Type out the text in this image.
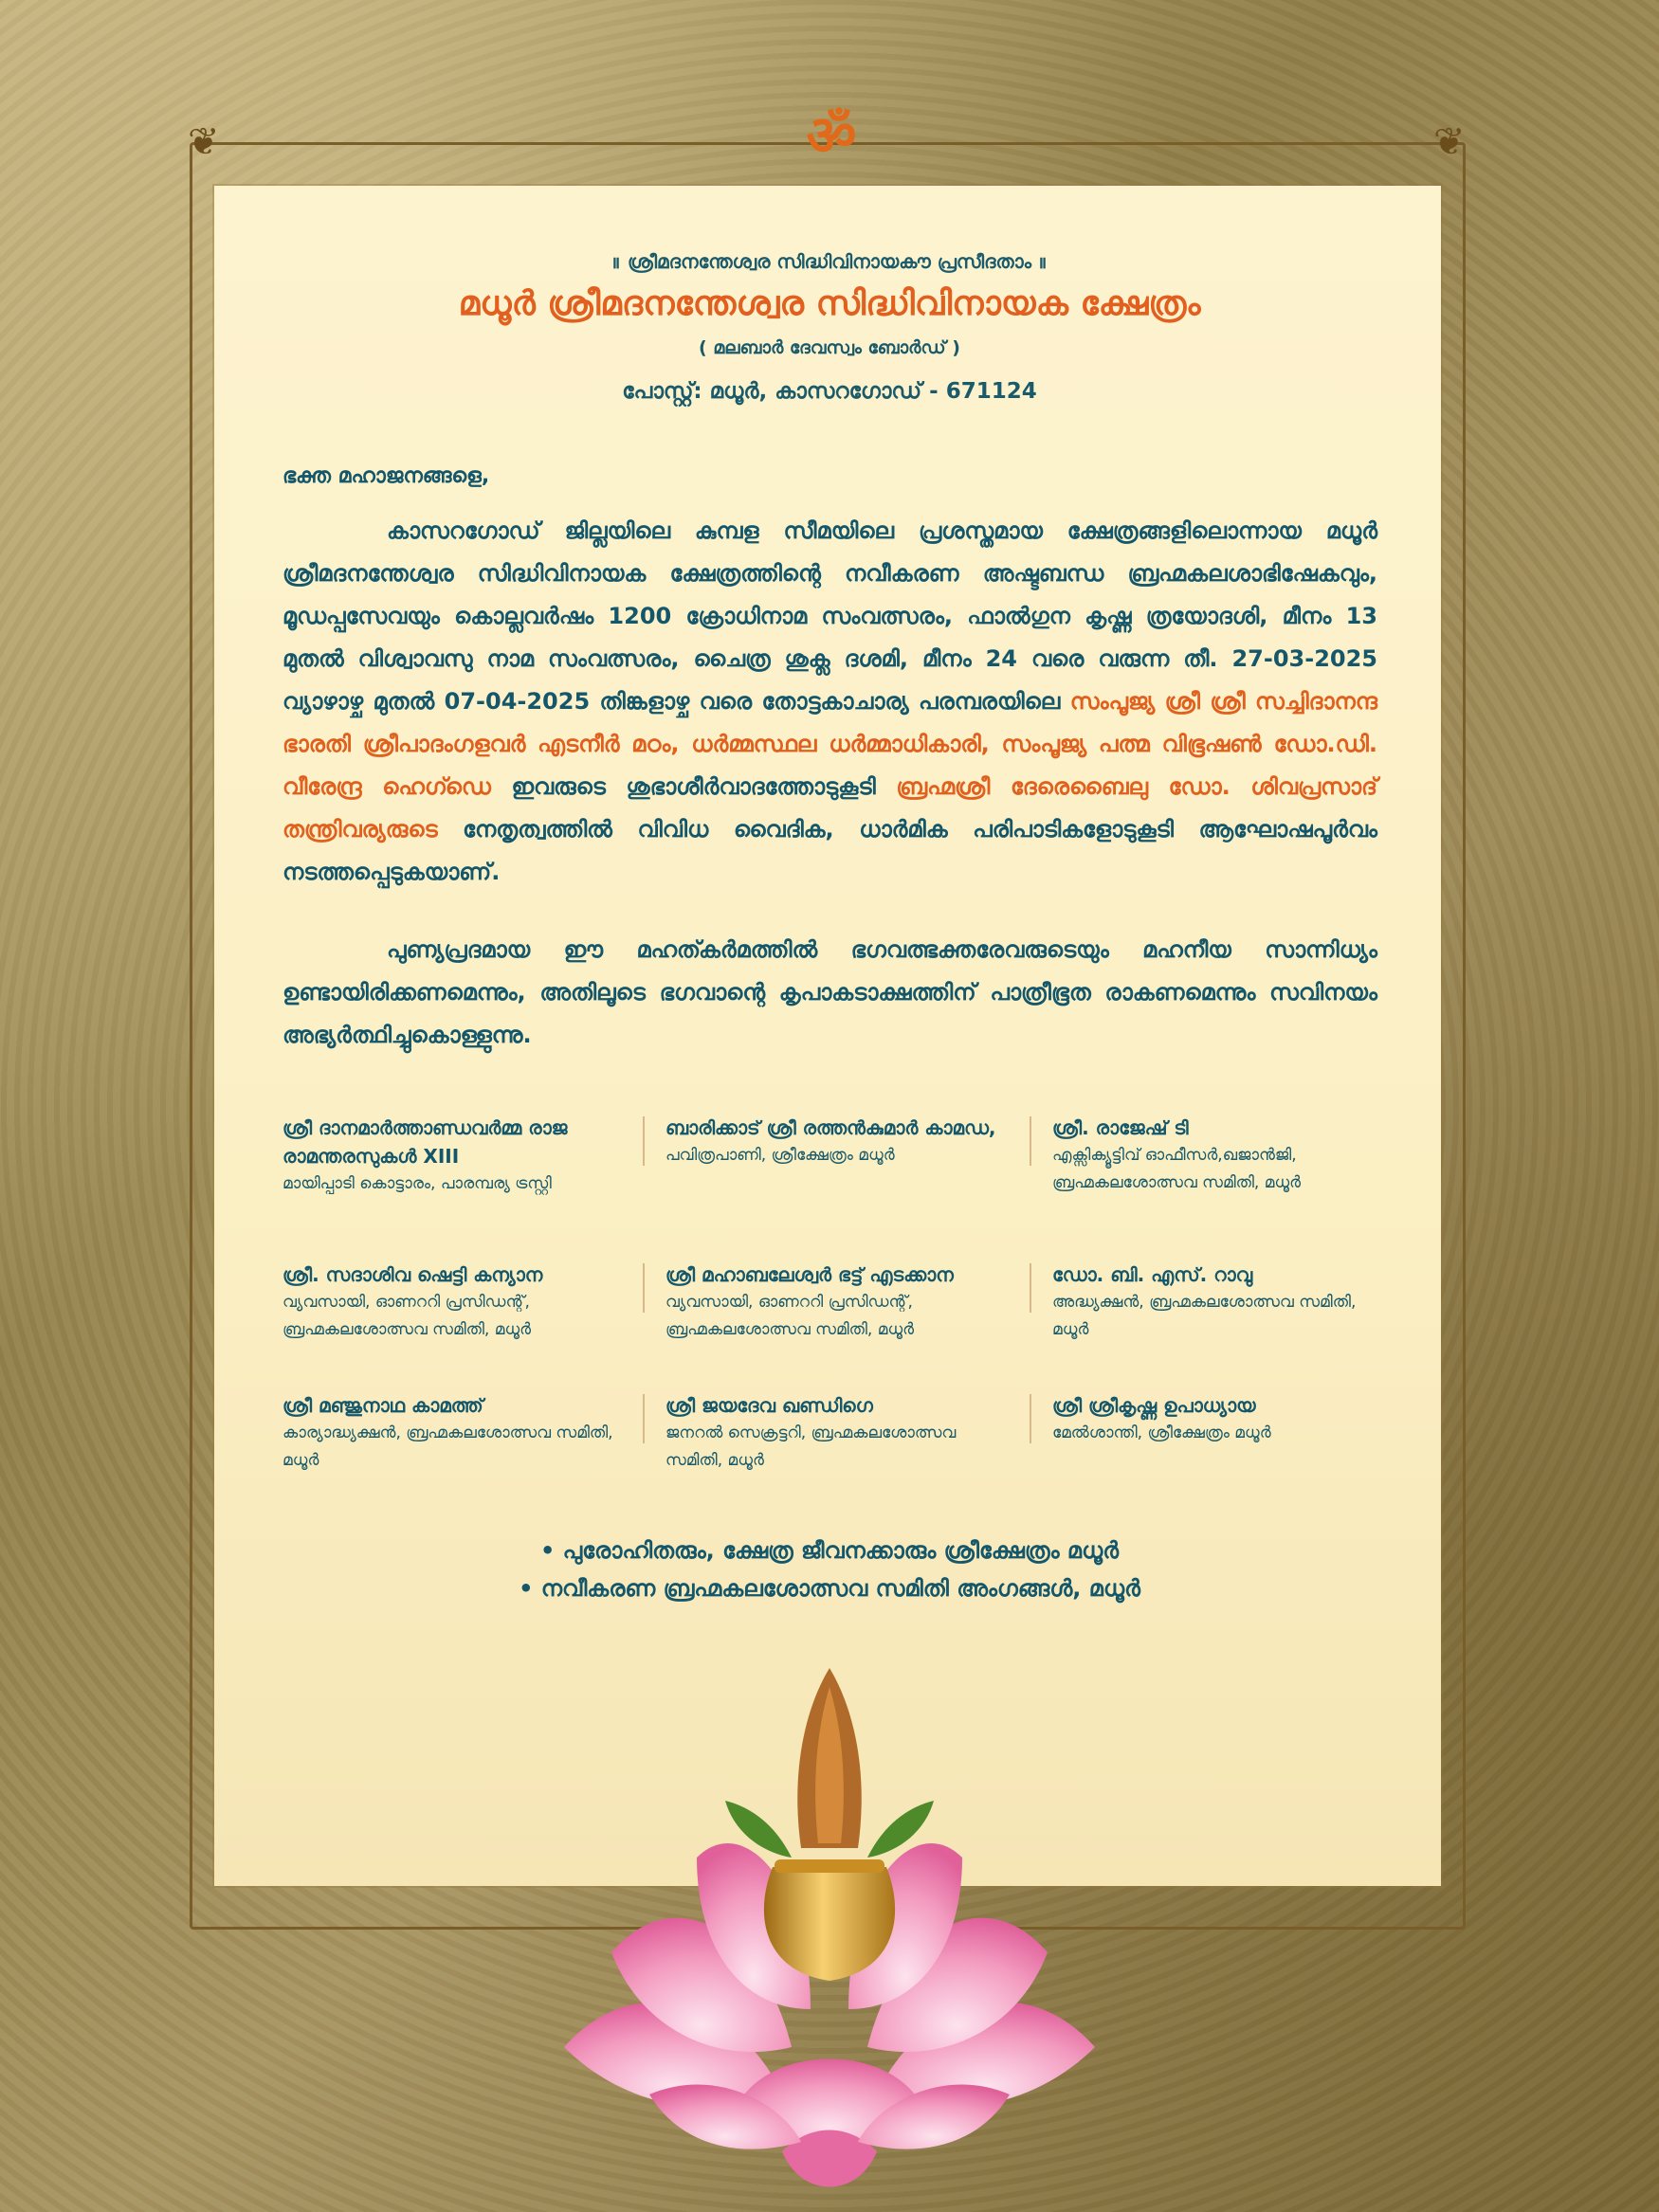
❦	❦
ॐ
॥ ശ്രീമദനന്തേശ്വര സിദ്ധിവിനായകൗ പ്രസീദതാം ॥
മധൂർ ശ്രീമദനന്തേശ്വര സിദ്ധിവിനായക ക്ഷേത്രം
( മലബാർ ദേവസ്വം ബോർഡ് )
പോസ്റ്റ്: മധൂർ, കാസറഗോഡ് - 671124
ഭക്ത മഹാജനങ്ങളെ,
കാസറഗോഡ് ജില്ലയിലെ കുമ്പള സീമയിലെ പ്രശസ്തമായ ക്ഷേത്രങ്ങളിലൊന്നായ മധൂർ ശ്രീമദനന്തേശ്വര സിദ്ധിവിനായക ക്ഷേത്രത്തിന്റെ നവീകരണ അഷ്ടബന്ധ ബ്രഹ്മകലശാഭിഷേകവും, മൂഡപ്പസേവയും കൊല്ലവർഷം 1200 ക്രോധിനാമ സംവത്സരം, ഫാൽഗുന കൃഷ്ണ ത്രയോദശി, മീനം 13 മുതൽ വിശ്വാവസു നാമ സംവത്സരം, ചൈത്ര ശുക്ല ദശമി, മീനം 24 വരെ വരുന്ന തീ. 27-03-2025 വ്യാഴാഴ്ച മുതൽ 07-04-2025 തിങ്കളാഴ്ച വരെ തോട്ടകാചാര്യ പരമ്പരയിലെ സംപൂജ്യ ശ്രീ ശ്രീ സച്ചിദാനന്ദ ഭാരതി ശ്രീപാദംഗളവർ എടനീർ മഠം, ധർമ്മസ്ഥല ധർമ്മാധികാരി, സംപൂജ്യ പത്മ വിഭൂഷൺ ഡോ.ഡി. വീരേന്ദ്ര ഹെഗ്ഡെ ഇവരുടെ ശുഭാശീർവാദത്തോടുകൂടി ബ്രഹ്മശ്രീ ദേരെബൈലു ഡോ. ശിവപ്രസാദ് തന്ത്രിവര്യരുടെ നേതൃത്വത്തിൽ വിവിധ വൈദിക, ധാർമിക പരിപാടികളോടുകൂടി ആഘോഷപൂർവം നടത്തപ്പെടുകയാണ്.
പുണ്യപ്രദമായ ഈ മഹത്കർമത്തിൽ ഭഗവത്ഭക്തരേവരുടെയും മഹനീയ സാന്നിധ്യം ഉണ്ടായിരിക്കണമെന്നും, അതിലൂടെ ഭഗവാന്റെ കൃപാകടാക്ഷത്തിന് പാത്രീഭൂത രാകണമെന്നും സവിനയം അഭ്യർത്ഥിച്ചുകൊള്ളുന്നു.
ശ്രീ ദാനമാർത്താണ്ഡവർമ്മ രാജ രാമന്തരസുകൾ XIII
മായിപ്പാടി കൊട്ടാരം, പാരമ്പര്യ ട്രസ്റ്റി
ബാരിക്കാട് ശ്രീ രത്തൻകുമാർ കാമഡ,
പവിത്രപാണി, ശ്രീക്ഷേത്രം മധൂർ
ശ്രീ. രാജേഷ് ടി
എക്സിക്യൂട്ടിവ് ഓഫീസർ,ഖജാൻജി, ബ്രഹ്മകലശോത്സവ സമിതി, മധൂർ
ശ്രീ. സദാശിവ ഷെട്ടി കന്യാന
വ്യവസായി, ഓണററി പ്രസിഡന്റ്, ബ്രഹ്മകലശോത്സവ സമിതി, മധൂർ
ശ്രീ മഹാബലേശ്വർ ഭട്ട് എടക്കാന
വ്യവസായി, ഓണററി പ്രസിഡന്റ്, ബ്രഹ്മകലശോത്സവ സമിതി, മധൂർ
ഡോ. ബി. എസ്. റാവു
അദ്ധ്യക്ഷൻ, ബ്രഹ്മകലശോത്സവ സമിതി, മധൂർ
ശ്രീ മഞ്ജുനാഥ കാമത്ത്
കാര്യാദ്ധ്യക്ഷൻ, ബ്രഹ്മകലശോത്സവ സമിതി, മധൂർ
ശ്രീ ജയദേവ ഖണ്ഡിഗെ
ജനറൽ സെക്രട്ടറി, ബ്രഹ്മകലശോത്സവ സമിതി, മധൂർ
ശ്രീ ശ്രീകൃഷ്ണ ഉപാധ്യായ
മേൽശാന്തി, ശ്രീക്ഷേത്രം മധൂർ
• പുരോഹിതരും, ക്ഷേത്ര ജീവനക്കാരും ശ്രീക്ഷേത്രം മധൂർ
• നവീകരണ ബ്രഹ്മകലശോത്സവ സമിതി അംഗങ്ങൾ, മധൂർ
